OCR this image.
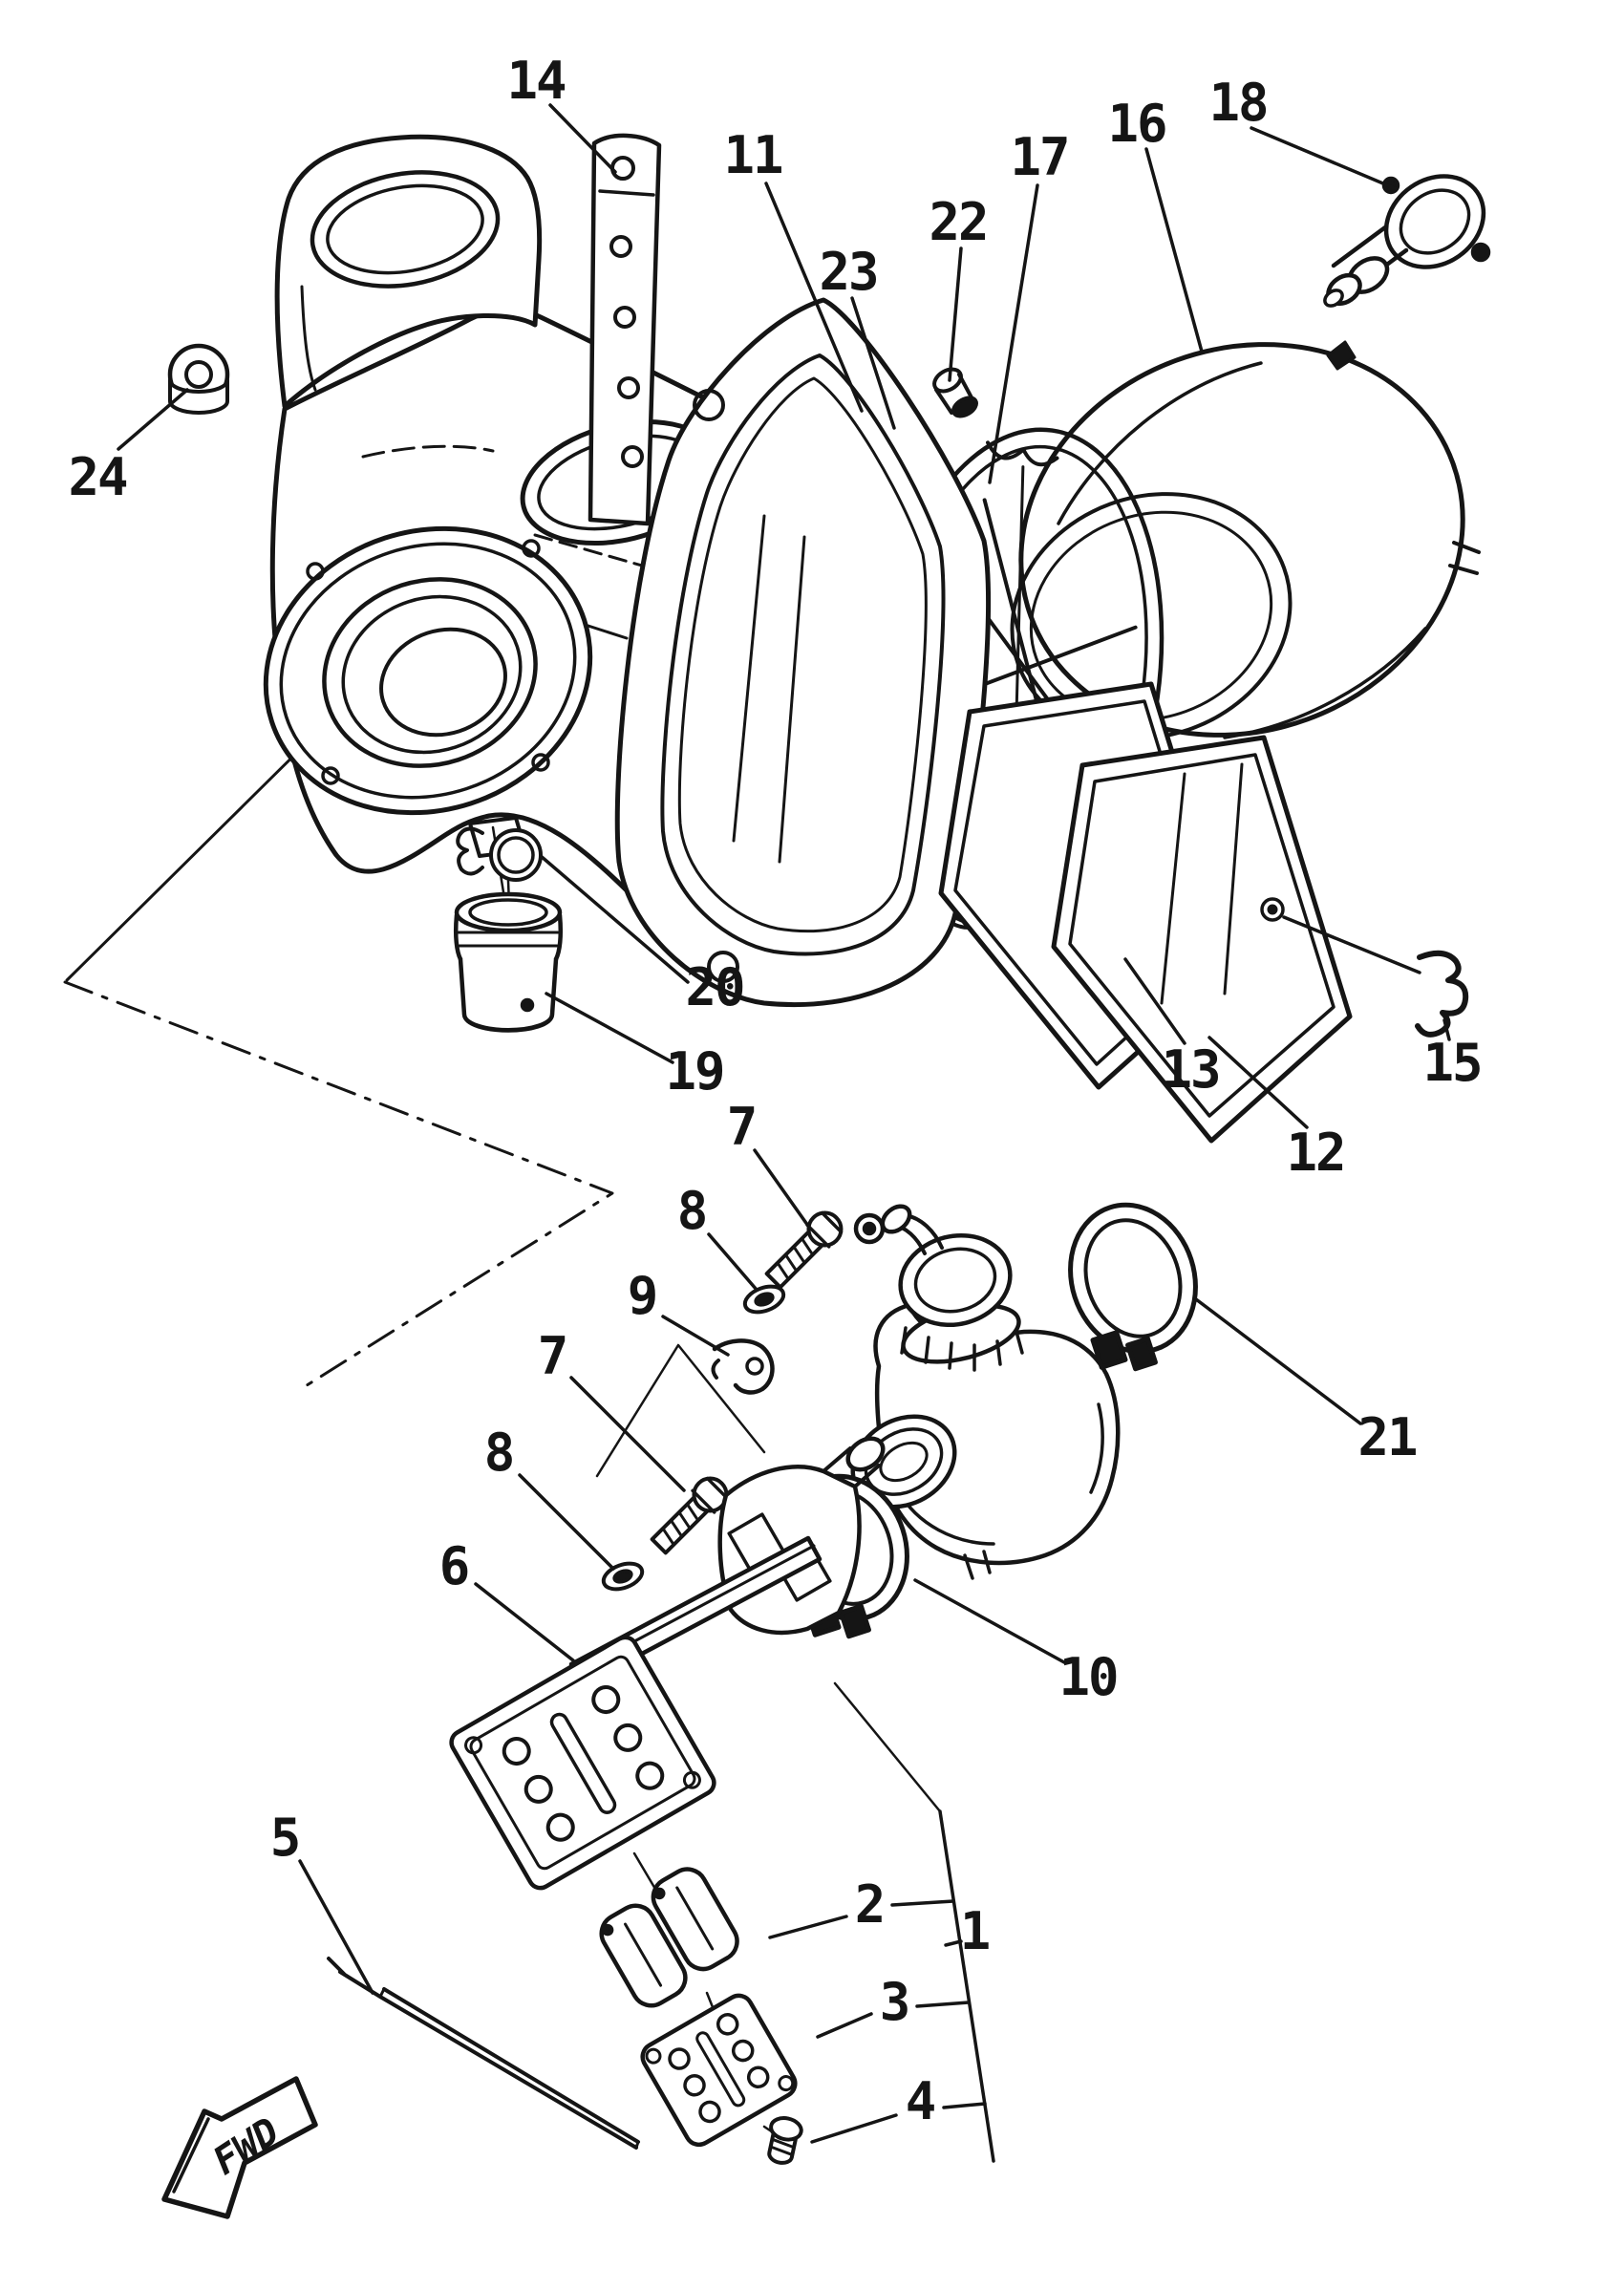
1
2
3
4
5
6
7
8
9
7
8
10
11
12
13
14
15
16
17
18
19
20
21
22
23
24
FWD
